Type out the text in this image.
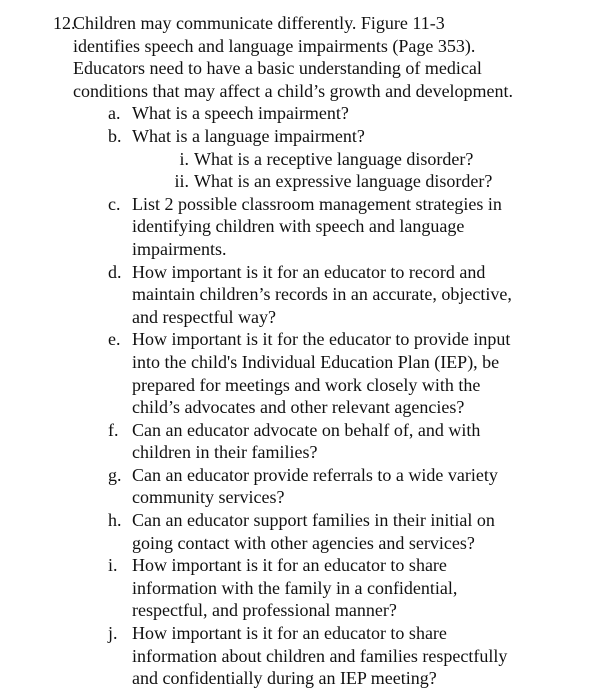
12.
Children may communicate differently. Figure 11-3
identifies speech and language impairments (Page 353).
Educators need to have a basic understanding of medical
conditions that may affect a child’s growth and development.
a. What is a speech impairment?
b. What is a language impairment?
i. What is a receptive language disorder?
ii. What is an expressive language disorder?
c. List 2 possible classroom management strategies in
identifying children with speech and language
impairments.
d. How important is it for an educator to record and
maintain children’s records in an accurate, objective,
and respectful way?
e. How important is it for the educator to provide input
into the child's Individual Education Plan (IEP), be
prepared for meetings and work closely with the
child’s advocates and other relevant agencies?
f. Can an educator advocate on behalf of, and with
children in their families?
g. Can an educator provide referrals to a wide variety
community services?
h. Can an educator support families in their initial on
going contact with other agencies and services?
i. How important is it for an educator to share
information with the family in a confidential,
respectful, and professional manner?
j. How important is it for an educator to share
information about children and families respectfully
and confidentially during an IEP meeting?
